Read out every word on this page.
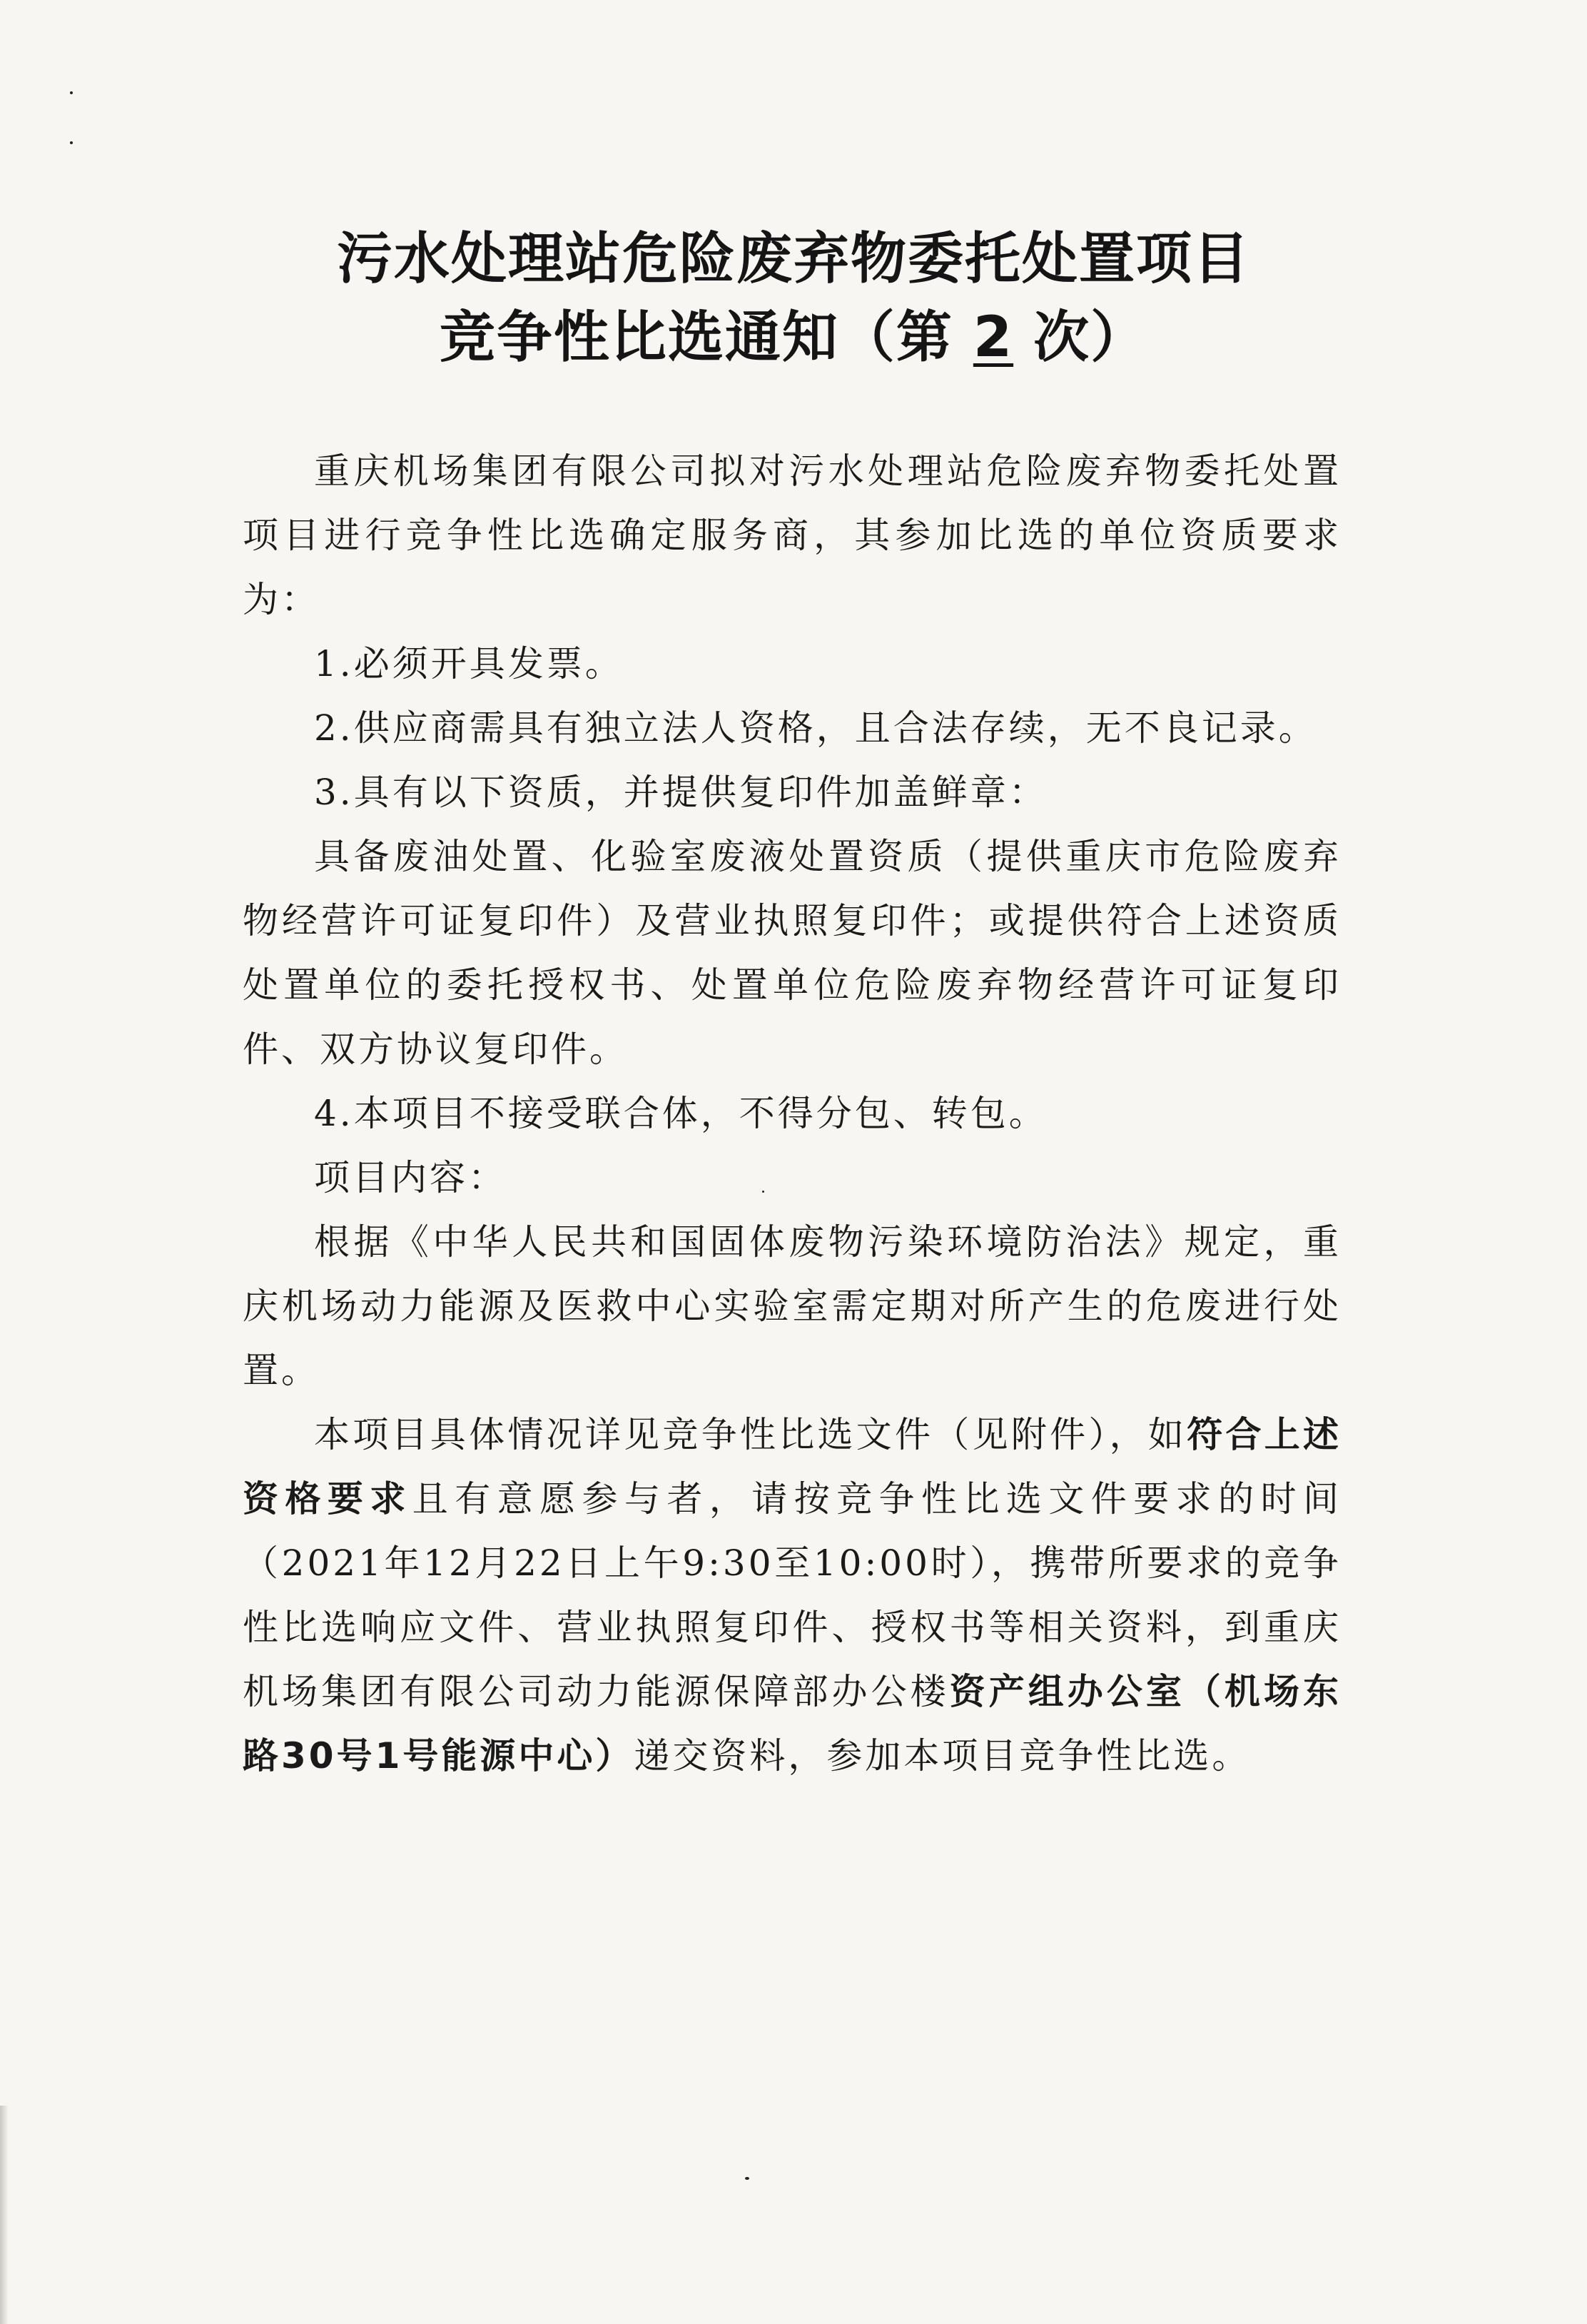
污水处理站危险废弃物委托处置项目
竞争性比选通知（第 2 次）

重庆机场集团有限公司拟对污水处理站危险废弃物委托处置项目进行竞争性比选确定服务商，其参加比选的单位资质要求为：

1.必须开具发票。

2.供应商需具有独立法人资格，且合法存续，无不良记录。

3.具有以下资质，并提供复印件加盖鲜章：

具备废油处置、化验室废液处置资质（提供重庆市危险废弃物经营许可证复印件）及营业执照复印件；或提供符合上述资质处置单位的委托授权书、处置单位危险废弃物经营许可证复印件、双方协议复印件。

4.本项目不接受联合体，不得分包、转包。

项目内容：

根据《中华人民共和国固体废物污染环境防治法》规定，重庆机场动力能源及医救中心实验室需定期对所产生的危废进行处置。

本项目具体情况详见竞争性比选文件（见附件），如符合上述资格要求且有意愿参与者，请按竞争性比选文件要求的时间（2021年12月22日上午9:30至10:00时），携带所要求的竞争性比选响应文件、营业执照复印件、授权书等相关资料，到重庆机场集团有限公司动力能源保障部办公楼资产组办公室（机场东路30号1号能源中心）递交资料，参加本项目竞争性比选。
